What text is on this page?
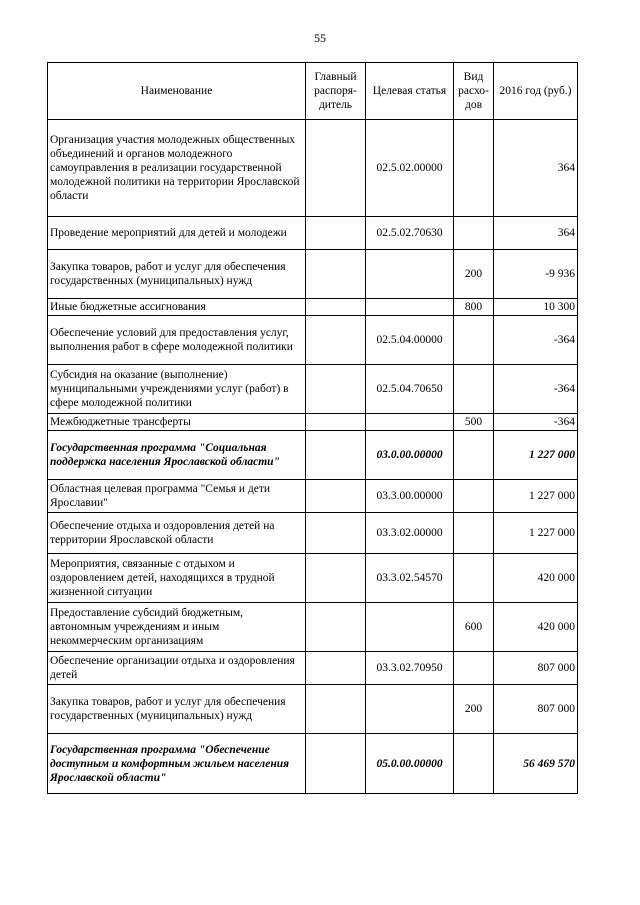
55
Наименование	Главный распоря- дитель	Целевая статья	Вид расхо- дов	2016 год (руб.)
Организация участия молодежных общественных объединений и органов молодежного самоуправления в реализации государственной молодежной политики на территории Ярославской области		02.5.02.00000		364
Проведение мероприятий для детей и молодежи		02.5.02.70630		364
Закупка товаров, работ и услуг для обеспечения государственных (муниципальных) нужд			200	-9 936
Иные бюджетные ассигнования			800	10 300
Обеспечение условий для предоставления услуг, выполнения работ в сфере молодежной политики		02.5.04.00000		-364
Субсидия на оказание (выполнение) муниципальными учреждениями услуг (работ) в сфере молодежной политики		02.5.04.70650		-364
Межбюджетные трансферты			500	-364
Государственная программа "Социальная поддержка населения Ярославской области"		03.0.00.00000		1 227 000
Областная целевая программа "Семья и дети Ярославии"		03.3.00.00000		1 227 000
Обеспечение отдыха и оздоровления детей на территории Ярославской области		03.3.02.00000		1 227 000
Мероприятия, связанные с отдыхом и оздоровлением детей, находящихся в трудной жизненной ситуации		03.3.02.54570		420 000
Предоставление субсидий бюджетным, автономным учреждениям и иным некоммерческим организациям			600	420 000
Обеспечение организации отдыха и оздоровления детей		03.3.02.70950		807 000
Закупка товаров, работ и услуг для обеспечения государственных (муниципальных) нужд			200	807 000
Государственная программа "Обеспечение доступным и комфортным жильем населения Ярославской области"		05.0.00.00000		56 469 570
